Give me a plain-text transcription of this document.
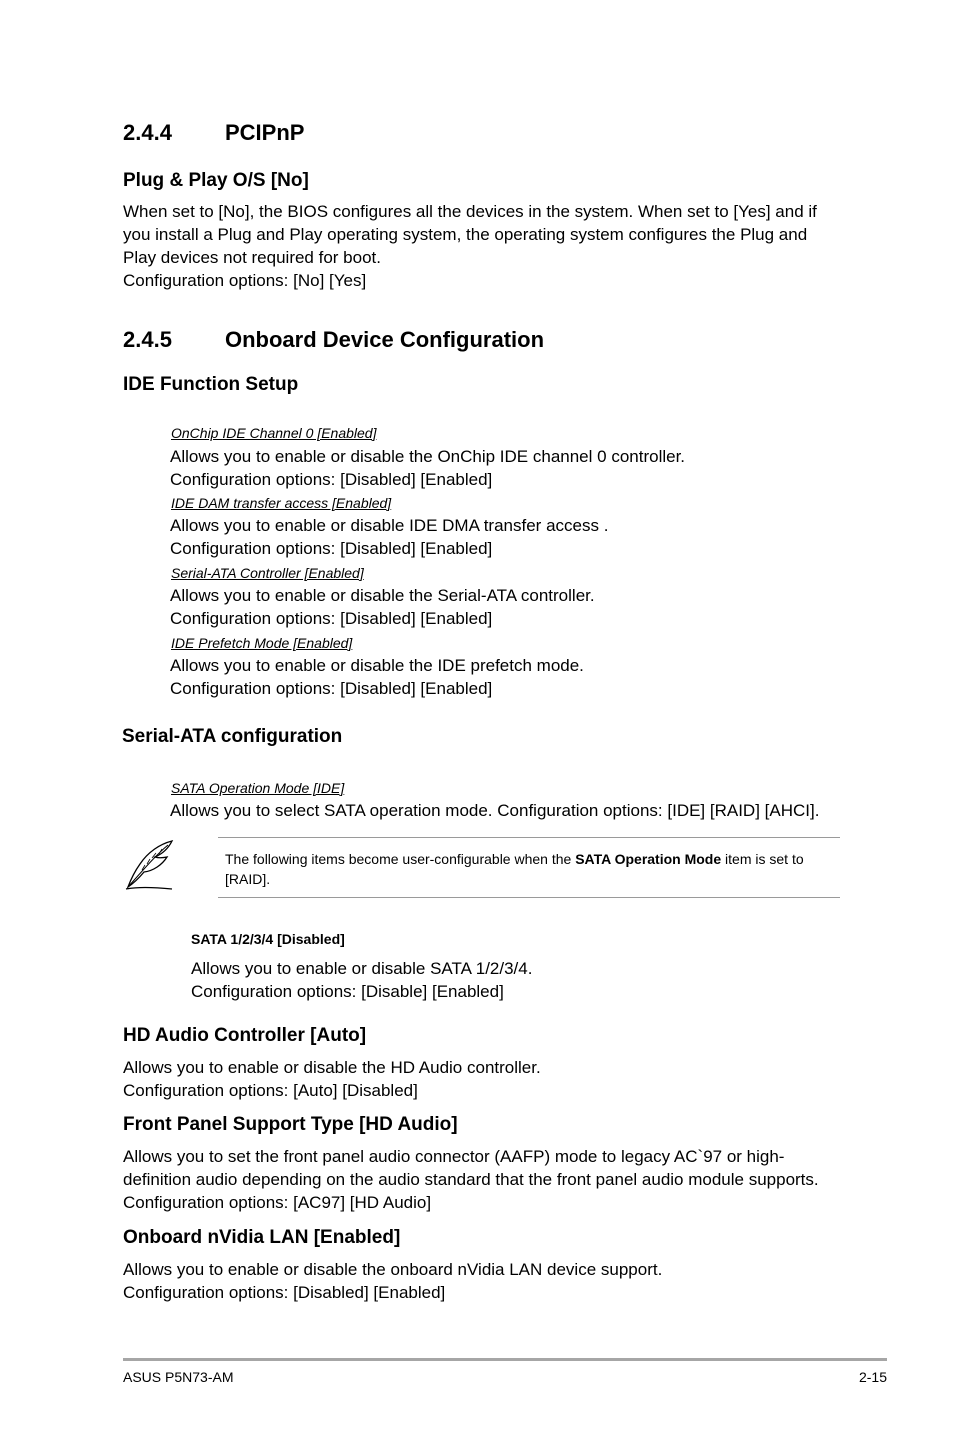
2.4.4 PCIPnP
Plug & Play O/S [No]
When set to [No], the BIOS configures all the devices in the system. When set to [Yes] and if
you install a Plug and Play operating system, the operating system configures the Plug and
Play devices not required for boot.
Configuration options: [No] [Yes]
2.4.5 Onboard Device Configuration
IDE Function Setup
OnChip IDE Channel 0 [Enabled]
Allows you to enable or disable the OnChip IDE channel 0 controller.
Configuration options: [Disabled] [Enabled]
IDE DAM transfer access [Enabled]
Allows you to enable or disable IDE DMA transfer access .
Configuration options: [Disabled] [Enabled]
Serial-ATA Controller [Enabled]
Allows you to enable or disable the Serial-ATA controller.
Configuration options: [Disabled] [Enabled]
IDE Prefetch Mode [Enabled]
Allows you to enable or disable the IDE prefetch mode.
Configuration options: [Disabled] [Enabled]
Serial-ATA configuration
SATA Operation Mode [IDE]
Allows you to select SATA operation mode. Configuration options: [IDE] [RAID] [AHCI].
The following items become user-configurable when the SATA Operation Mode item is set to [RAID].
SATA 1/2/3/4 [Disabled]
Allows you to enable or disable SATA 1/2/3/4.
Configuration options: [Disable] [Enabled]
HD Audio Controller [Auto]
Allows you to enable or disable the HD Audio controller.
Configuration options: [Auto] [Disabled]
Front Panel Support Type [HD Audio]
Allows you to set the front panel audio connector (AAFP) mode to legacy AC`97 or high-
definition audio depending on the audio standard that the front panel audio module supports.
Configuration options: [AC97] [HD Audio]
Onboard nVidia LAN [Enabled]
Allows you to enable or disable the onboard nVidia LAN device support.
Configuration options: [Disabled] [Enabled]
ASUS P5N73-AM	2-15
